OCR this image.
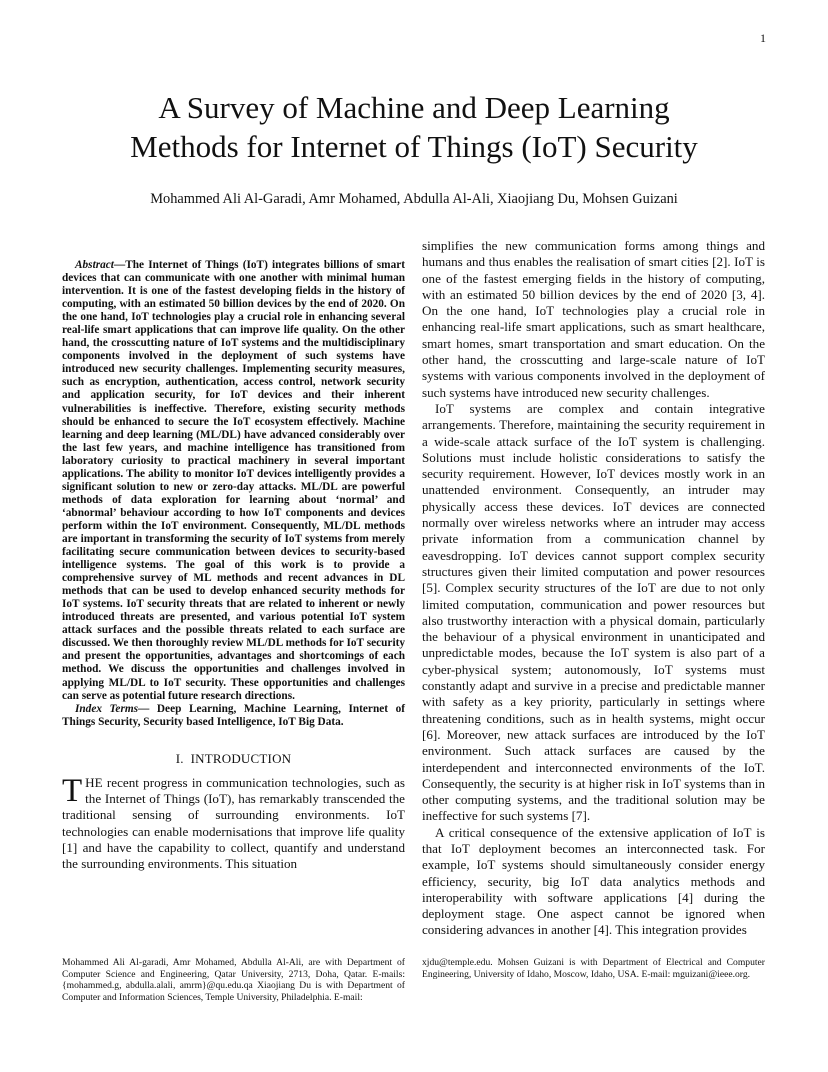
1
A Survey of Machine and Deep Learning
Methods for Internet of Things (IoT) Security
Mohammed Ali Al-Garadi, Amr Mohamed, Abdulla Al-Ali, Xiaojiang Du, Mohsen Guizani

Abstract—The Internet of Things (IoT) integrates billions of smart devices that can communicate with one another with minimal human intervention. It is one of the fastest developing fields in the history of computing, with an estimated 50 billion devices by the end of 2020. On the one hand, IoT technologies play a crucial role in enhancing several real-life smart applications that can improve life quality. On the other hand, the crosscutting nature of IoT systems and the multidisciplinary components involved in the deployment of such systems have introduced new security challenges. Implementing security measures, such as encryption, authentication, access control, network security and application security, for IoT devices and their inherent vulnerabilities is ineffective. Therefore, existing security methods should be enhanced to secure the IoT ecosystem effectively. Machine learning and deep learning (ML/DL) have advanced considerably over the last few years, and machine intelligence has transitioned from laboratory curiosity to practical machinery in several important applications. The ability to monitor IoT devices intelligently provides a significant solution to new or zero-day attacks. ML/DL are powerful methods of data exploration for learning about ‘normal’ and ‘abnormal’ behaviour according to how IoT components and devices perform within the IoT environment. Consequently, ML/DL methods are important in transforming the security of IoT systems from merely facilitating secure communication between devices to security-based intelligence systems. The goal of this work is to provide a comprehensive survey of ML methods and recent advances in DL methods that can be used to develop enhanced security methods for IoT systems. IoT security threats that are related to inherent or newly introduced threats are presented, and various potential IoT system attack surfaces and the possible threats related to each surface are discussed. We then thoroughly review ML/DL methods for IoT security and present the opportunities, advantages and shortcomings of each method. We discuss the opportunities and challenges involved in applying ML/DL to IoT security. These opportunities and challenges can serve as potential future research directions.

Index Terms— Deep Learning, Machine Learning, Internet of Things Security, Security based Intelligence, IoT Big Data.

I.  INTRODUCTION

THE recent progress in communication technologies, such as the Internet of Things (IoT), has remarkably transcended the traditional sensing of surrounding environments. IoT technologies can enable modernisations that improve life quality [1] and have the capability to collect, quantify and understand the surrounding environments. This situation

simplifies the new communication forms among things and humans and thus enables the realisation of smart cities [2]. IoT is one of the fastest emerging fields in the history of computing, with an estimated 50 billion devices by the end of 2020 [3, 4]. On the one hand, IoT technologies play a crucial role in enhancing real-life smart applications, such as smart healthcare, smart homes, smart transportation and smart education. On the other hand, the crosscutting and large-scale nature of IoT systems with various components involved in the deployment of such systems have introduced new security challenges.

IoT systems are complex and contain integrative arrangements. Therefore, maintaining the security requirement in a wide-scale attack surface of the IoT system is challenging. Solutions must include holistic considerations to satisfy the security requirement. However, IoT devices mostly work in an unattended environment. Consequently, an intruder may physically access these devices. IoT devices are connected normally over wireless networks where an intruder may access private information from a communication channel by eavesdropping. IoT devices cannot support complex security structures given their limited computation and power resources [5]. Complex security structures of the IoT are due to not only limited computation, communication and power resources but also trustworthy interaction with a physical domain, particularly the behaviour of a physical environment in unanticipated and unpredictable modes, because the IoT system is also part of a cyber-physical system; autonomously, IoT systems must constantly adapt and survive in a precise and predictable manner with safety as a key priority, particularly in settings where threatening conditions, such as in health systems, might occur [6]. Moreover, new attack surfaces are introduced by the IoT environment. Such attack surfaces are caused by the interdependent and interconnected environments of the IoT. Consequently, the security is at higher risk in IoT systems than in other computing systems, and the traditional solution may be ineffective for such systems [7].

A critical consequence of the extensive application of IoT is that IoT deployment becomes an interconnected task. For example, IoT systems should simultaneously consider energy efficiency, security, big IoT data analytics methods and interoperability with software applications [4] during the deployment stage. One aspect cannot be ignored when considering advances in another [4]. This integration provides

Mohammed Ali Al-garadi, Amr Mohamed, Abdulla Al-Ali, are with Department of Computer Science and Engineering, Qatar University, 2713, Doha, Qatar. E-mails: {mohammed.g, abdulla.alali, amrm}@qu.edu.qa Xiaojiang Du is with Department of Computer and Information Sciences, Temple University, Philadelphia. E-mail:

xjdu@temple.edu. Mohsen Guizani is with Department of Electrical and Computer Engineering, University of Idaho, Moscow, Idaho, USA. E-mail: mguizani@ieee.org.
